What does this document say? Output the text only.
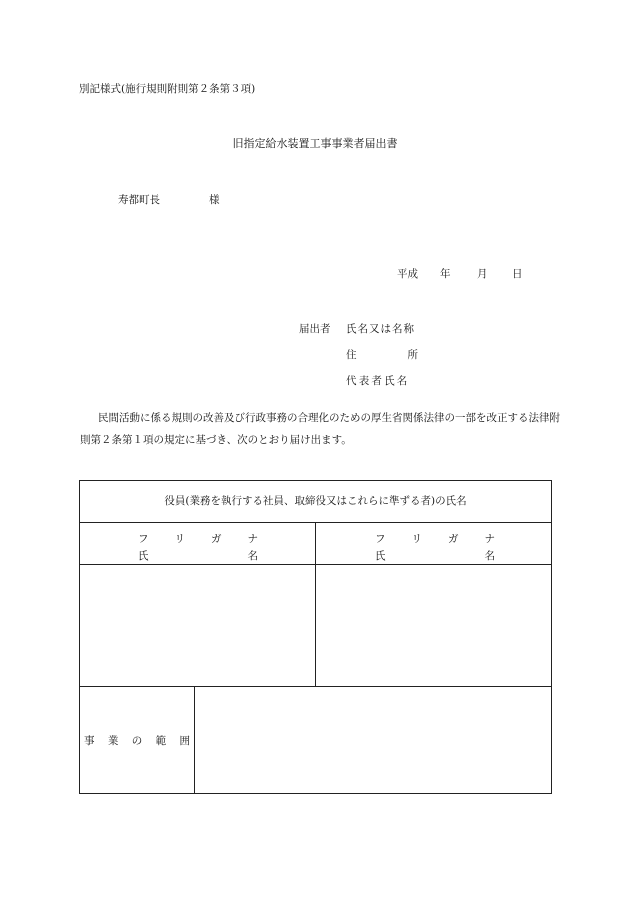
別記様式(施行規則附則第２条第３項)
旧指定給水装置工事事業者届出書
寿都町長	様
平成 年	月 日
届出者 氏名又は名称
住	所
代表者氏名
民間活動に係る規則の改善及び行政事務の合理化のための厚生省関係法律の一部を改正する法律附則第２条第１項の規定に基づき、次のとおり届け出ます。
役員(業務を執行する社員、取締役又はこれらに準ずる者)の氏名
フ リ ガ ナ
氏	名
フ リ ガ ナ
氏	名
事 業 の 範 囲
